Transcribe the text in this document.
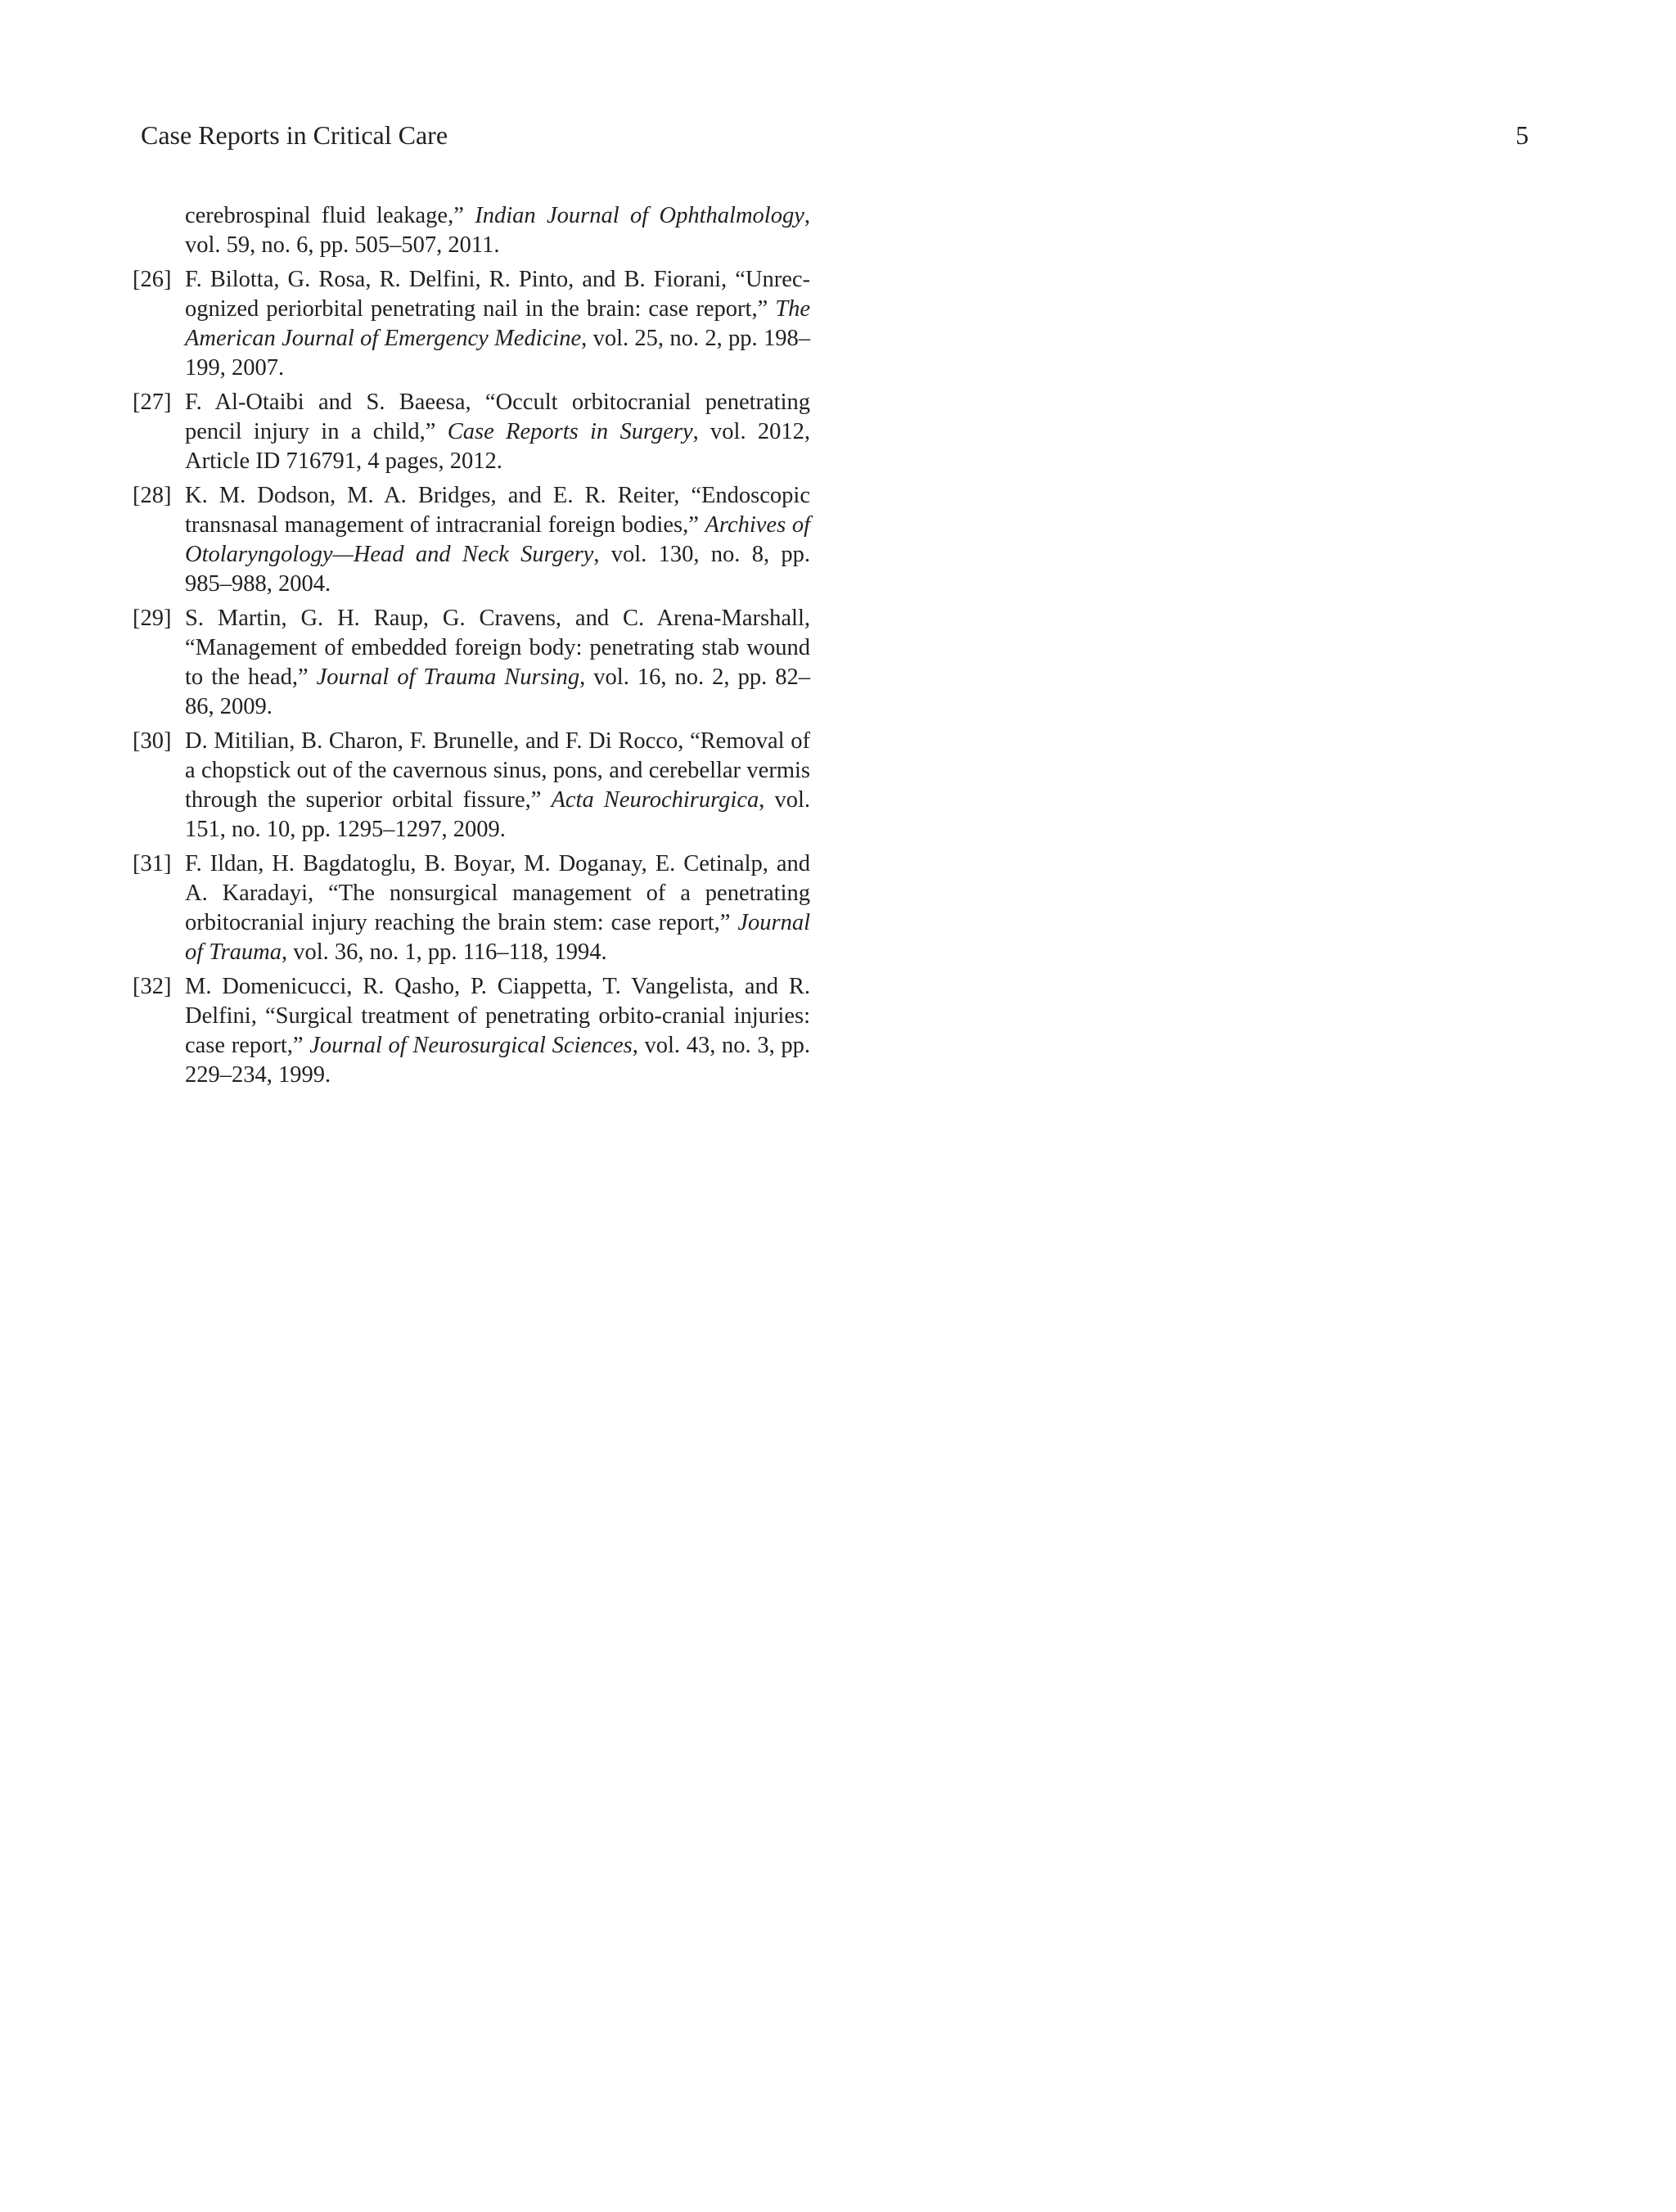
Case Reports in Critical Care	5
cerebrospinal fluid leakage,” Indian Journal of Ophthalmology, vol. 59, no. 6, pp. 505–507, 2011.
[26] F. Bilotta, G. Rosa, R. Delfini, R. Pinto, and B. Fiorani, “Unrecognized periorbital penetrating nail in the brain: case report,” The American Journal of Emergency Medicine, vol. 25, no. 2, pp. 198–199, 2007.
[27] F. Al-Otaibi and S. Baeesa, “Occult orbitocranial penetrating pencil injury in a child,” Case Reports in Surgery, vol. 2012, Article ID 716791, 4 pages, 2012.
[28] K. M. Dodson, M. A. Bridges, and E. R. Reiter, “Endoscopic transnasal management of intracranial foreign bodies,” Archives of Otolaryngology—Head and Neck Surgery, vol. 130, no. 8, pp. 985–988, 2004.
[29] S. Martin, G. H. Raup, G. Cravens, and C. Arena-Marshall, “Management of embedded foreign body: penetrating stab wound to the head,” Journal of Trauma Nursing, vol. 16, no. 2, pp. 82–86, 2009.
[30] D. Mitilian, B. Charon, F. Brunelle, and F. Di Rocco, “Removal of a chopstick out of the cavernous sinus, pons, and cerebellar vermis through the superior orbital fissure,” Acta Neurochirurgica, vol. 151, no. 10, pp. 1295–1297, 2009.
[31] F. Ildan, H. Bagdatoglu, B. Boyar, M. Doganay, E. Cetinalp, and A. Karadayi, “The nonsurgical management of a penetrating orbitocranial injury reaching the brain stem: case report,” Journal of Trauma, vol. 36, no. 1, pp. 116–118, 1994.
[32] M. Domenicucci, R. Qasho, P. Ciappetta, T. Vangelista, and R. Delfini, “Surgical treatment of penetrating orbito-cranial injuries: case report,” Journal of Neurosurgical Sciences, vol. 43, no. 3, pp. 229–234, 1999.
